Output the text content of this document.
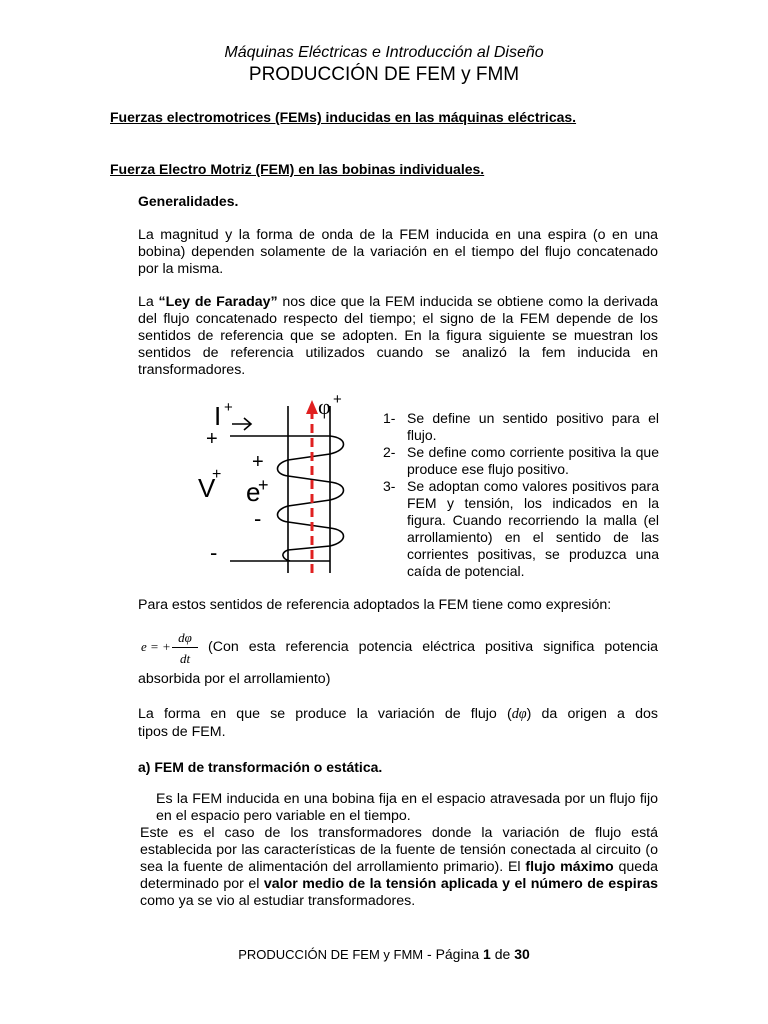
Máquinas Eléctricas e Introducción al Diseño
PRODUCCIÓN DE FEM y FMM
Fuerzas electromotrices (FEMs) inducidas en las máquinas eléctricas.
Fuerza Electro Motriz (FEM) en las bobinas individuales.
Generalidades.
La magnitud y la forma de onda de la FEM inducida en una espira (o en una bobina) dependen solamente de la variación en el tiempo del flujo concatenado por la misma.
La “Ley de Faraday” nos dice que la FEM inducida se obtiene como la derivada del flujo concatenado respecto del tiempo; el signo de la FEM depende de los sentidos de referencia que se adopten. En la figura siguiente se muestran los sentidos de referencia utilizados cuando se analizó la fem inducida en transformadores.
I +	φ +
+
+
V
+
e
+
-
-
1- Se define un sentido positivo para el flujo.
2- Se define como corriente positiva la que produce ese flujo positivo.
3- Se adoptan como valores positivos para FEM y tensión, los indicados en la figura. Cuando recorriendo la malla (el arrollamiento) en el sentido de las corrientes positivas, se produzca una caída de potencial.
Para estos sentidos de referencia adoptados la FEM tiene como expresión:
e = +
dφ
dt
(Con esta referencia potencia eléctrica positiva significa potencia
absorbida por el arrollamiento)
La forma en que se produce la variación de flujo (dφ) da origen a dos
tipos de FEM.
a) FEM de transformación o estática.
Es la FEM inducida en una bobina fija en el espacio atravesada por un flujo fijo en el espacio pero variable en el tiempo.
Este es el caso de los transformadores donde la variación de flujo está establecida por las características de la fuente de tensión conectada al circuito (o sea la fuente de alimentación del arrollamiento primario). El flujo máximo queda determinado por el valor medio de la tensión aplicada y el número de espiras como ya se vio al estudiar transformadores.
PRODUCCIÓN DE FEM y FMM - Página 1 de 30
